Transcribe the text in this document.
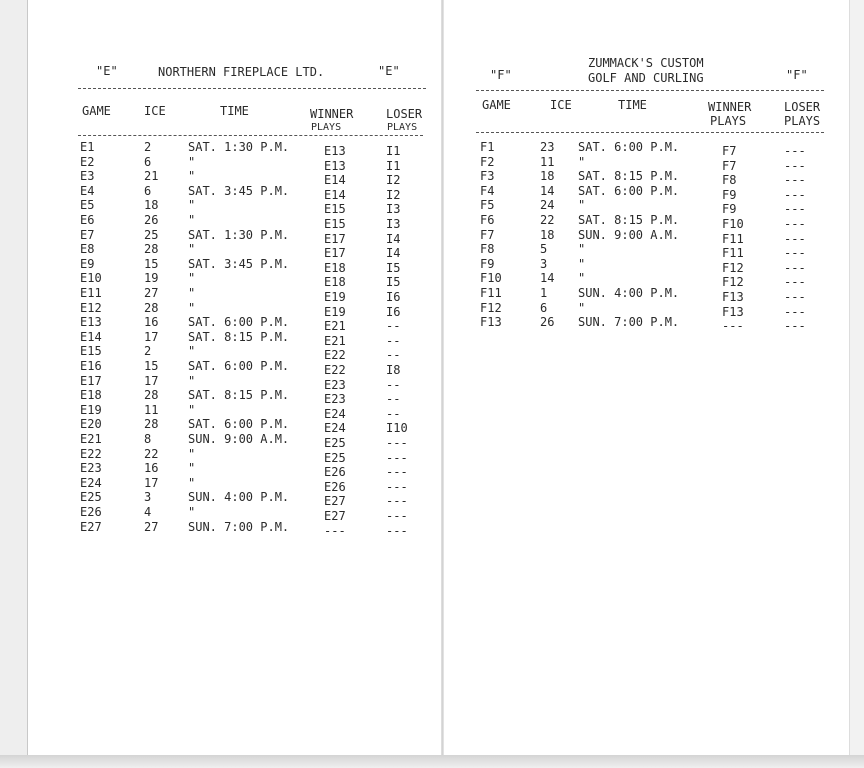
"E"	NORTHERN FIREPLACE LTD.	"E"
GAME	ICE	TIME	WINNER
PLAYS
LOSER
PLAYS
E1	2	SAT. 1:30 P.M.	E13	I1
E2	6	"	E13	I1
E3	21 "	E14	I2
E4	6	SAT. 3:45 P.M.	E14	I2
E5	18 "	E15	I3
E6	26 "	E15	I3
E7	25 SAT. 1:30 P.M.	E17	I4
E8	28 "	E17	I4
E9	15 SAT. 3:45 P.M.	E18	I5
E10	19 "	E18	I5
E11	27 "	E19	I6
E12	28 "	E19	I6
E13	16 SAT. 6:00 P.M.	E21	--
E14	17 SAT. 8:15 P.M.	E21	--
E15	2	"	E22	--
E16	15 SAT. 6:00 P.M.	E22	I8
E17	17 "	E23	--
E18	28 SAT. 8:15 P.M.	E23	--
E19	11 "	E24	--
E20	28 SAT. 6:00 P.M.	E24	I10
E21	8	SUN. 9:00 A.M.	E25	---
E22	22 "	E25	---
E23	16 "	E26	---
E24	17 "	E26	---
E25	3	SUN. 4:00 P.M.	E27	---
E26	4	"	E27	---
E27	27 SUN. 7:00 P.M.	---	---
"F"
ZUMMACK'S CUSTOM
GOLF AND CURLING	"F"
GAME	ICE	TIME	WINNER
PLAYS
LOSER
PLAYS
F1	23 SAT. 6:00 P.M.	F7	---
F2	11 "	F7	---
F3	18 SAT. 8:15 P.M.	F8	---
F4	14 SAT. 6:00 P.M.	F9	---
F5	24 "	F9	---
F6	22 SAT. 8:15 P.M.	F10	---
F7	18 SUN. 9:00 A.M.	F11	---
F8	5	"	F11	---
F9	3	"	F12	---
F10	14 "	F12	---
F11	1	SUN. 4:00 P.M.	F13	---
F12	6	"	F13	---
F13	26 SUN. 7:00 P.M.	---	---
